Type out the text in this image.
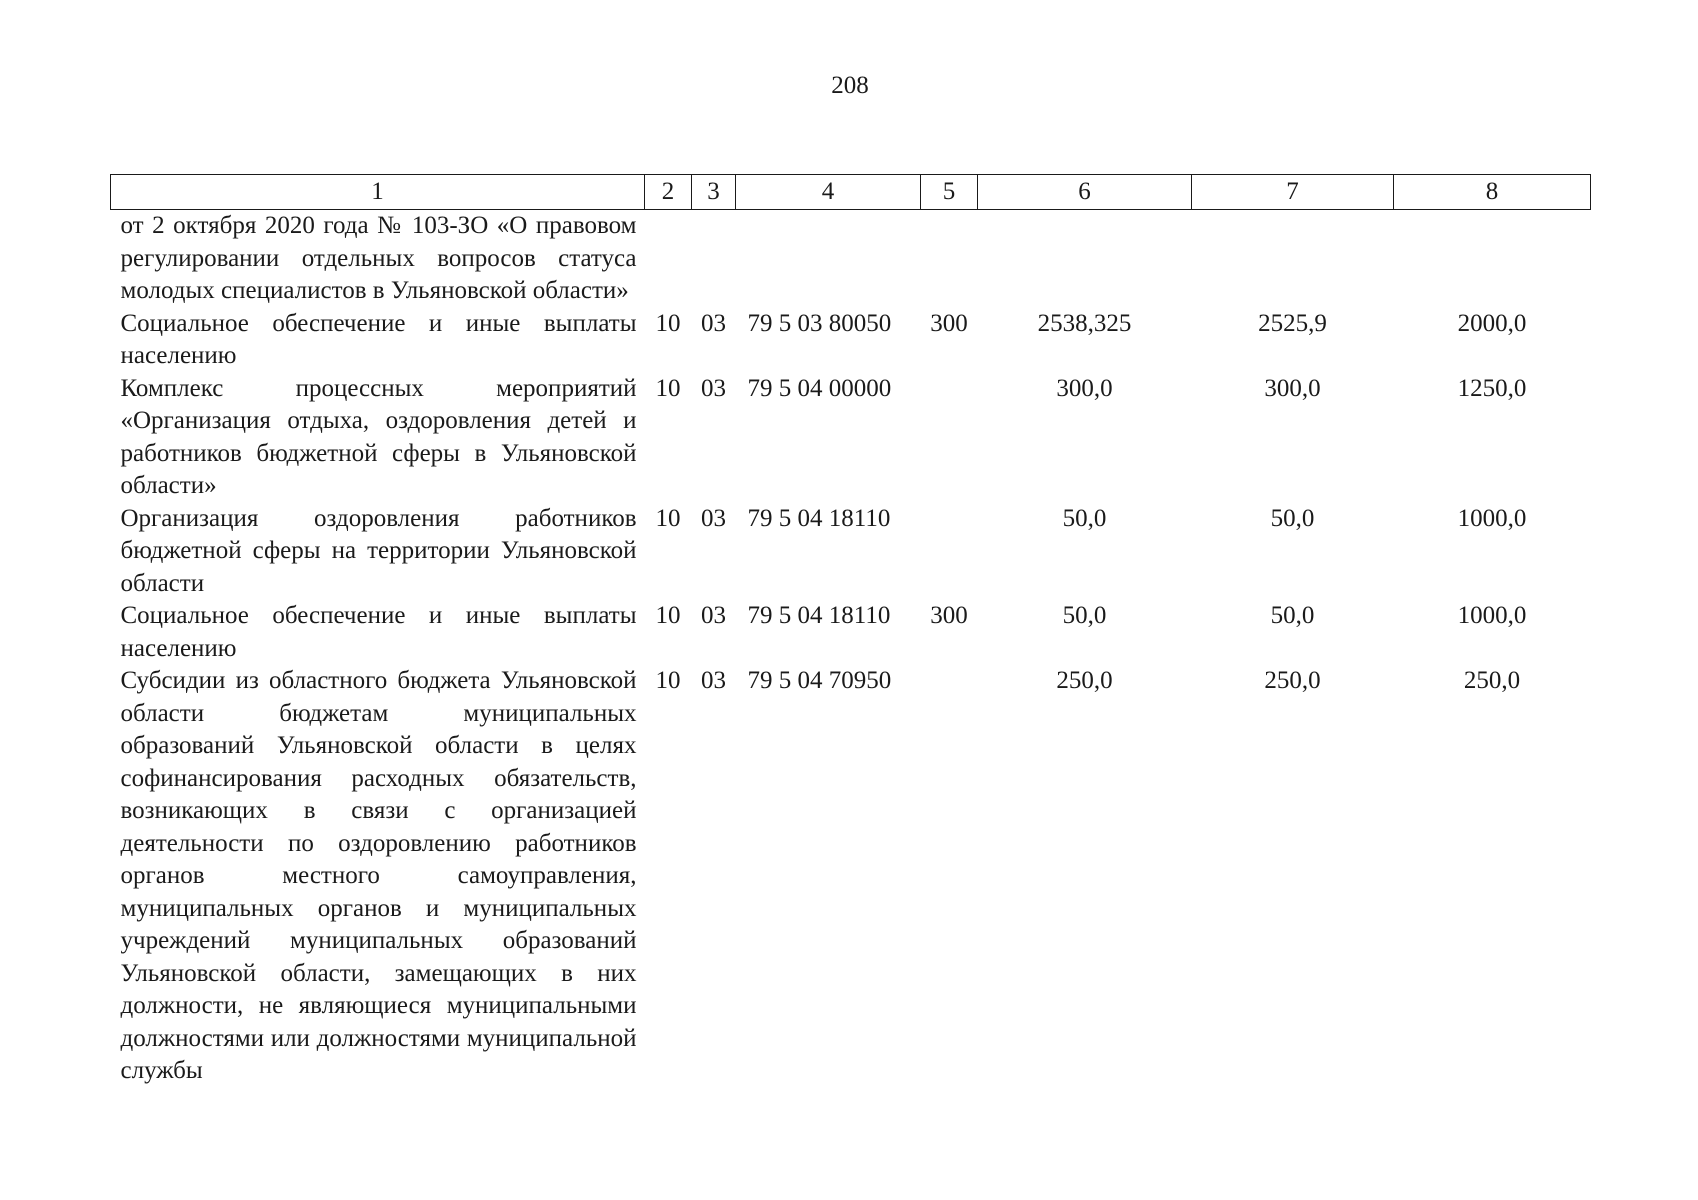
208
1	2	3	4	5	6	7	8
от 2 октября 2020 года № 103-ЗО «О правовом регулировании отдельных вопросов статуса молодых специалистов в Ульяновской области»							
Социальное обеспечение и иные выплаты населению	10	03	79 5 03 80050	300	2538,325	2525,9	2000,0
Комплекс процессных мероприятий «Организация отдыха, оздоровления детей и работников бюджетной сферы в Ульяновской области»	10	03	79 5 04 00000		300,0	300,0	1250,0
Организация оздоровления работников бюджетной сферы на территории Ульяновской области	10	03	79 5 04 18110		50,0	50,0	1000,0
Социальное обеспечение и иные выплаты населению	10	03	79 5 04 18110	300	50,0	50,0	1000,0
Субсидии из областного бюджета Ульяновской области бюджетам муниципальных образований Ульяновской области в целях софинансирования расходных обязательств, возникающих в связи с организацией деятельности по оздоровлению работников органов местного самоуправления, муниципальных органов и муниципальных учреждений муниципальных образований Ульяновской области, замещающих в них должности, не являющиеся муниципальными должностями или должностями муниципальной службы	10	03	79 5 04 70950		250,0	250,0	250,0
